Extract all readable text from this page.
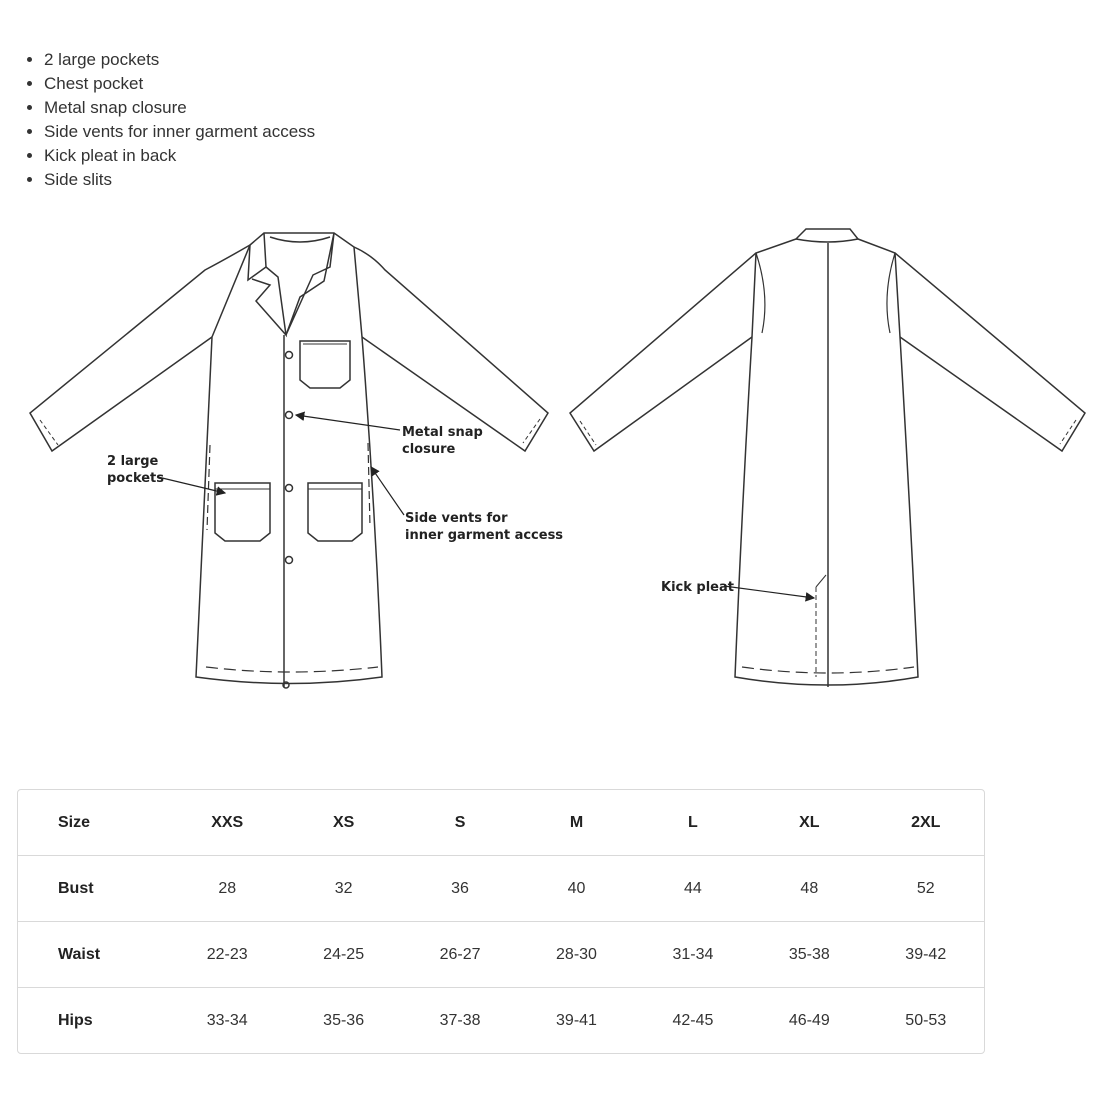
• 2 large pockets
• Chest pocket
• Metal snap closure
• Side vents for inner garment access
• Kick pleat in back
• Side slits
2 large pockets
Metal snap closure
Side vents for inner garment access
Kick pleat
Size	XXS	XS	S	M	L	XL	2XL
Bust	28	32	36	40	44	48	52
Waist	22-23	24-25	26-27	28-30	31-34	35-38	39-42
Hips	33-34	35-36	37-38	39-41	42-45	46-49	50-53
